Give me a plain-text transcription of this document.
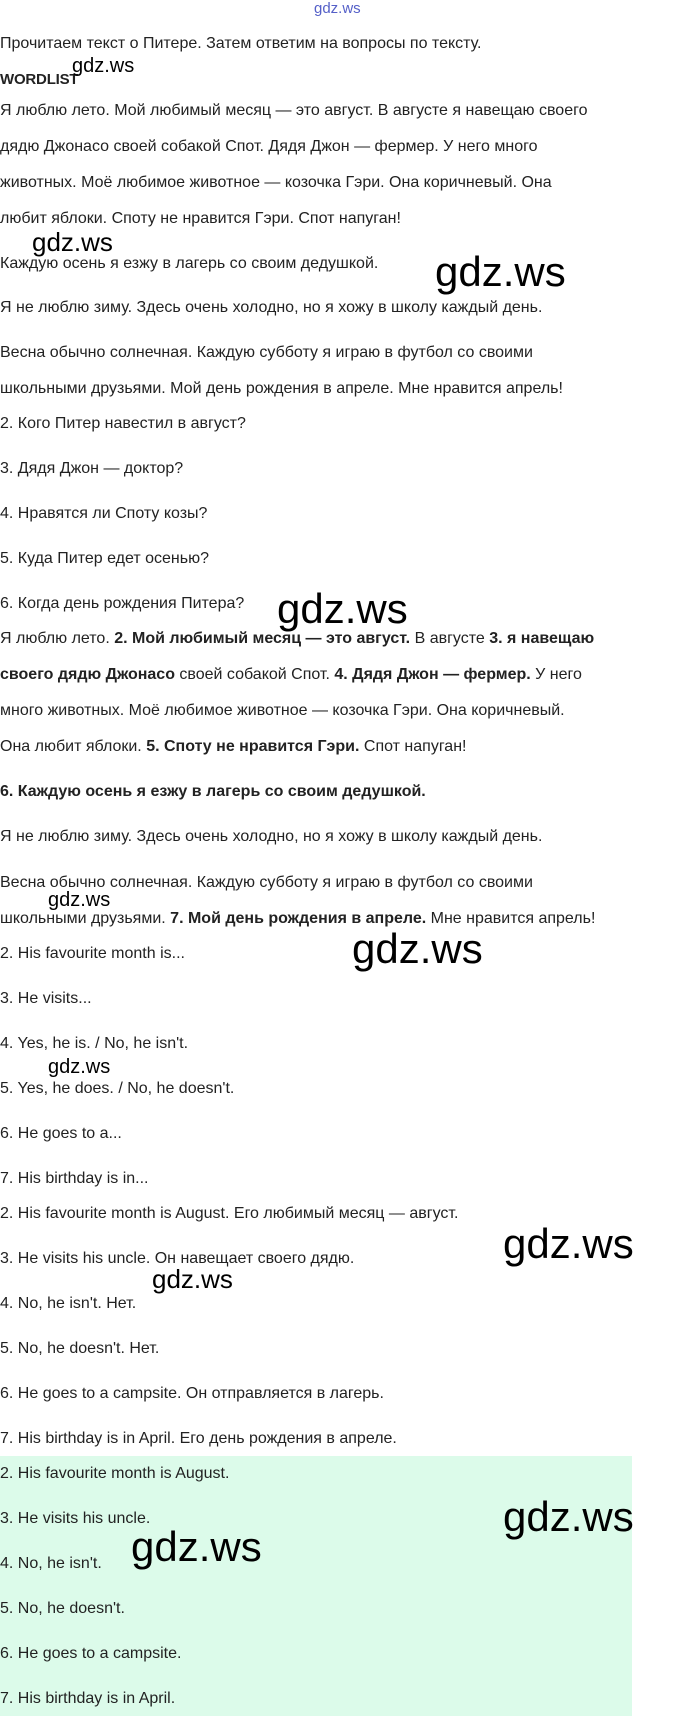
gdz.ws
Прочитаем текст о Питере. Затем ответим на вопросы по тексту.
WORDLIST
Я люблю лето. Мой любимый месяц — это август. В августе я навещаю своего
дядю Джонасо своей собакой Спот. Дядя Джон — фермер. У него много
животных. Моё любимое животное — козочка Гэри. Она коричневый. Она
любит яблоки. Споту не нравится Гэри. Спот напуган!
Каждую осень я езжу в лагерь со своим дедушкой.
Я не люблю зиму. Здесь очень холодно, но я хожу в школу каждый день.
Весна обычно солнечная. Каждую субботу я играю в футбол со своими
школьными друзьями. Мой день рождения в апреле. Мне нравится апрель!
2. Кого Питер навестил в август?
3. Дядя Джон — доктор?
4. Нравятся ли Споту козы?
5. Куда Питер едет осенью?
6. Когда день рождения Питера?
Я люблю лето. 2. Мой любимый месяц — это август. В августе 3. я навещаю
своего дядю Джонасо своей собакой Спот. 4. Дядя Джон — фермер. У него
много животных. Моё любимое животное — козочка Гэри. Она коричневый.
Она любит яблоки. 5. Споту не нравится Гэри. Спот напуган!
6. Каждую осень я езжу в лагерь со своим дедушкой.
Я не люблю зиму. Здесь очень холодно, но я хожу в школу каждый день.
Весна обычно солнечная. Каждую субботу я играю в футбол со своими
школьными друзьями. 7. Мой день рождения в апреле. Мне нравится апрель!
2. His favourite month is...
3. He visits...
4. Yes, he is. / No, he isn't.
5. Yes, he does. / No, he doesn't.
6. He goes to a...
7. His birthday is in...
2. His favourite month is August. Его любимый месяц — август.
3. He visits his uncle. Он навещает своего дядю.
4. No, he isn't. Нет.
5. No, he doesn't. Нет.
6. He goes to a campsite. Он отправляется в лагерь.
7. His birthday is in April. Его день рождения в апреле.
2. His favourite month is August.
3. He visits his uncle.
4. No, he isn't.
5. No, he doesn't.
6. He goes to a campsite.
7. His birthday is in April.
gdz.ws
gdz.ws
gdz.ws
gdz.ws
gdz.ws
gdz.ws
gdz.ws
gdz.ws
gdz.ws
gdz.ws
gdz.ws
